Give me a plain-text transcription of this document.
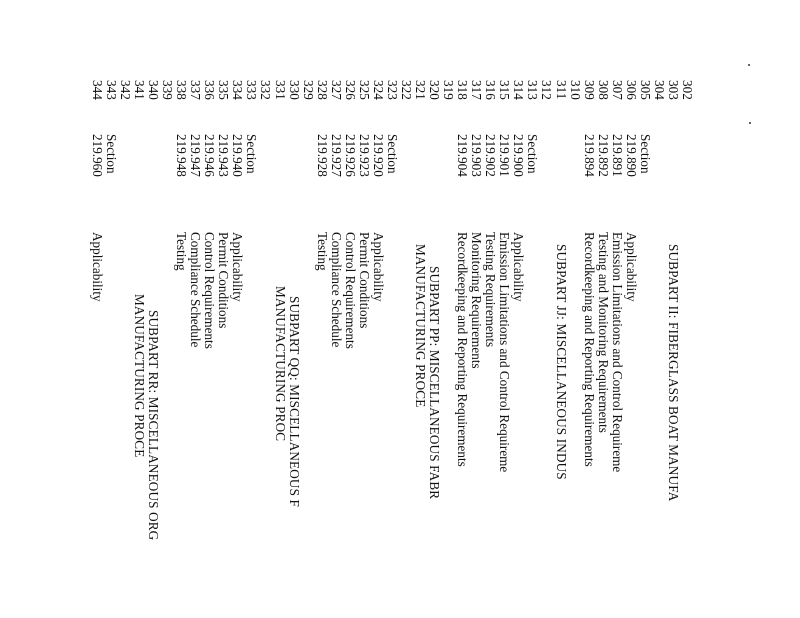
302
303
SUBPART II: FIBERGLASS BOAT MANUFA
304
305
Section
306
219.890
Applicability
307
219.891
Emission Limitations and Control Requireme
308
219.892
Testing and Monitoring Requirements
309
219.894
Recordkeeping and Reporting Requirements
310
311
SUBPART JJ: MISCELLANEOUS INDUS
312
313
Section
314
219.900
Applicability
315
219.901
Emission Limitations and Control Requireme
316
219.902
Testing Requirements
317
219.903
Monitoring Requirements
318
219.904
Recordkeeping and Reporting Requirements
319
320
SUBPART PP: MISCELLANEOUS FABR
321
MANUFACTURING PROCE
322
323
Section
324
219.920
Applicability
325
219.923
Permit Conditions
326
219.926
Control Requirements
327
219.927
Compliance Schedule
328
219.928
Testing
329
330
SUBPART QQ: MISCELLANEOUS F
331
MANUFACTURING PROC
332
333
Section
334
219.940
Applicability
335
219.943
Permit Conditions
336
219.946
Control Requirements
337
219.947
Compliance Schedule
338
219.948
Testing
339
340
SUBPART RR: MISCELLANEOUS ORG
341
MANUFACTURING PROCE
342
343
Section
344
219.960
Applicability
